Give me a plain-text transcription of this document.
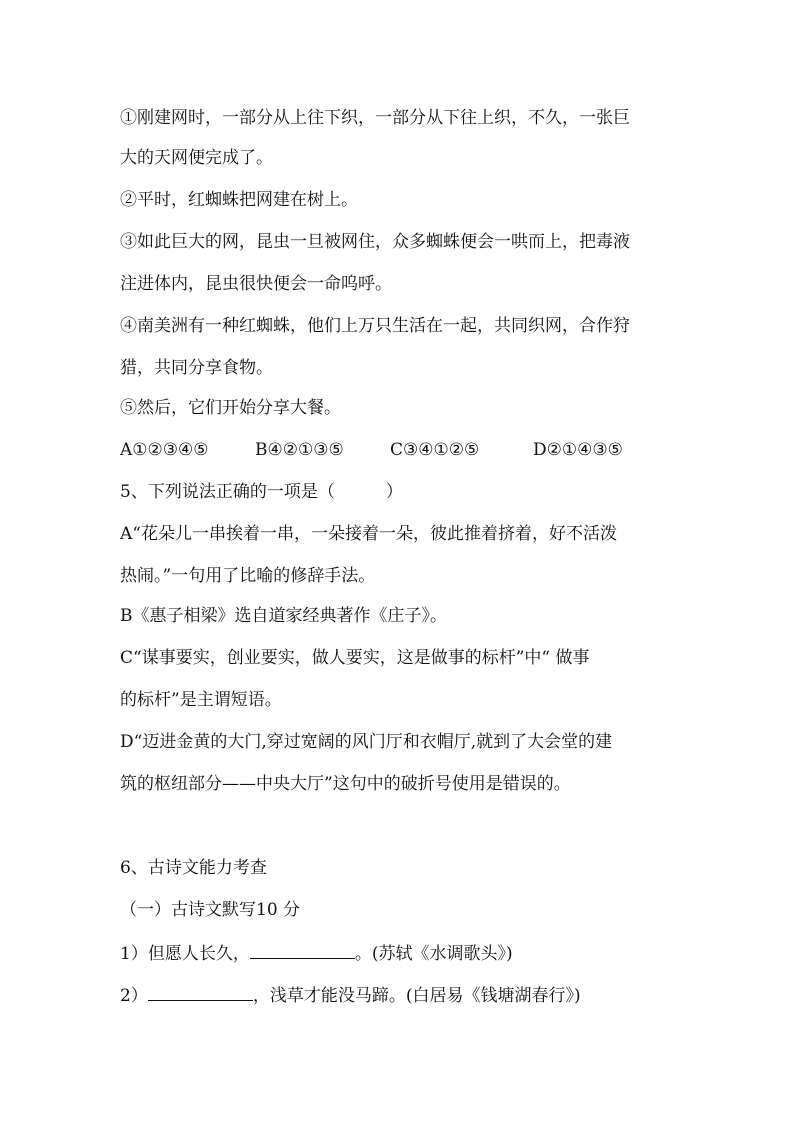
①刚建网时，一部分从上往下织，一部分从下往上织，不久，一张巨
大的天网便完成了。
②平时，红蜘蛛把网建在树上。
③如此巨大的网，昆虫一旦被网住，众多蜘蛛便会一哄而上，把毒液
注进体内，昆虫很快便会一命呜呼。
④南美洲有一种红蜘蛛，他们上万只生活在一起，共同织网，合作狩
猎，共同分享食物。
⑤然后，它们开始分享大餐。
A①②③④⑤	B④②①③⑤	C③④①②⑤	D②①④③⑤
5、下列说法正确的一项是（　　　）
A“花朵儿一串挨着一串，一朵接着一朵，彼此推着挤着，好不活泼
热闹。”一句用了比喻的修辞手法。
B《惠子相梁》选自道家经典著作《庄子》。
C“谋事要实，创业要实，做人要实，这是做事的标杆”中“ 做事
的标杆”是主谓短语。
D“迈进金黄的大门,穿过宽阔的风门厅和衣帽厅,就到了大会堂的建
筑的枢纽部分——中央大厅”这句中的破折号使用是错误的。
6、古诗文能力考查
（一）古诗文默写10 分
1）但愿人长久，	。(苏轼《水调歌头》)
2）	，浅草才能没马蹄。(白居易《钱塘湖春行》)
